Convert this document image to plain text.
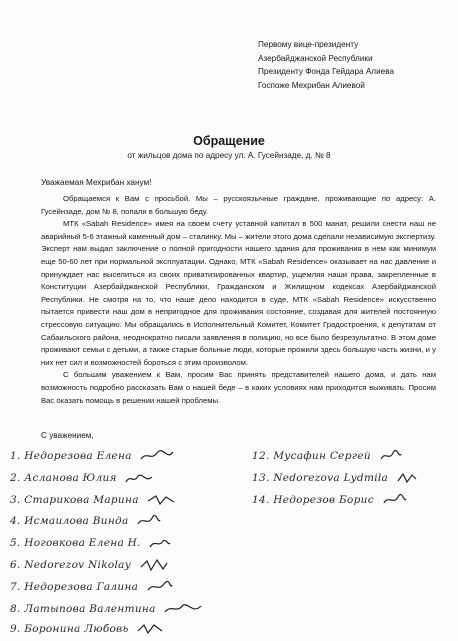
Первому вице-президенту
Азербайджанской Республики
Президенту Фонда Гейдара Алиева
Госпоже Мехрибан Алиевой
Обращение
от жильцов дома по адресу ул. А. Гусейнзаде, д. № 8
Уважаемая Мехрибан ханум!

Обращаемся к Вам с просьбой. Мы – русскоязычные граждане, проживающие по адресу: А. Гусейнзаде, дом № 8, попали в большую беду.

МТК «Sabah Residence» имея на своем счету уставной капитал в 500 манат, решили снести наш не аварийный 5-6 этажный каменный дом – сталинку. Мы – жители этого дома сделали независимую экспертизу. Эксперт нам выдал заключение о полной пригодности нашего здания для проживания в нем как минимум еще 50-60 лет при нормальной эксплуатации. Однако, МТК «Sabah Residence» оказывает на нас давление и принуждает нас выселиться из своих приватизированных квартир, ущемляя наши права, закрепленные в Конституции Азербайджанской Республики, Гражданском и Жилищном кодексах Азербайджанской Республики. Не смотря на то, что наше дело находится в суде, МТК «Sabah Residence» искусственно пытается привести наш дом в непригодное для проживания состояние, создавая для жителей постоянную стрессовую ситуацию. Мы обращались в Исполнительный Комитет, Комитет Градостроения, к депутатам от Сабаильского района, неоднократно писали заявления в полицию, но все было безрезультатно. В этом доме проживают семьи с детьми, а также старые больные люди, которые прожили здесь большую часть жизни, и у них нет сил и возможностей бороться с этим произволом.

С большим уважением к Вам, просим Вас принять представителей нашего дома, и дать нам возможность подробно рассказать Вам о нашей беде – в каких условиях нам приходится выживать. Просим Вас оказать помощь в решении нашей проблемы.

С уважением,
1. Недорезова Елена
2. Асланова Юлия
3. Старикова Марина
4. Исмаилова Винда
5. Ноговкова Елена Н.
6. Nedorezov Nikolay
7. Недорезова Галина
8. Латыпова Валентина
9. Боронина Любовь
12. Мусафин Сергей
13. Nedorezova Lydmila
14. Недорезов Борис
